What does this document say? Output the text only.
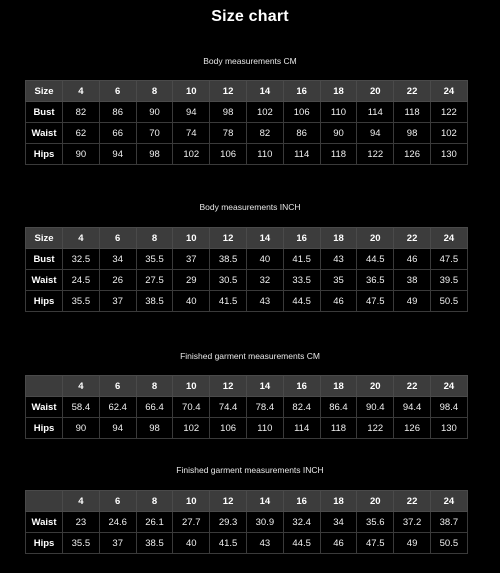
Size chart
Body measurements CM
Size	4	6	8	10	12	14	16	18	20	22	24
Bust	82	86	90	94	98	102	106	110	114	118	122
Waist	62	66	70	74	78	82	86	90	94	98	102
Hips	90	94	98	102	106	110	114	118	122	126	130
Body measurements INCH
Size	4	6	8	10	12	14	16	18	20	22	24
Bust	32.5	34	35.5	37	38.5	40	41.5	43	44.5	46	47.5
Waist	24.5	26	27.5	29	30.5	32	33.5	35	36.5	38	39.5
Hips	35.5	37	38.5	40	41.5	43	44.5	46	47.5	49	50.5
Finished garment measurements CM
	4	6	8	10	12	14	16	18	20	22	24
Waist	58.4	62.4	66.4	70.4	74.4	78.4	82.4	86.4	90.4	94.4	98.4
Hips	90	94	98	102	106	110	114	118	122	126	130
Finished garment measurements INCH
	4	6	8	10	12	14	16	18	20	22	24
Waist	23	24.6	26.1	27.7	29.3	30.9	32.4	34	35.6	37.2	38.7
Hips	35.5	37	38.5	40	41.5	43	44.5	46	47.5	49	50.5
